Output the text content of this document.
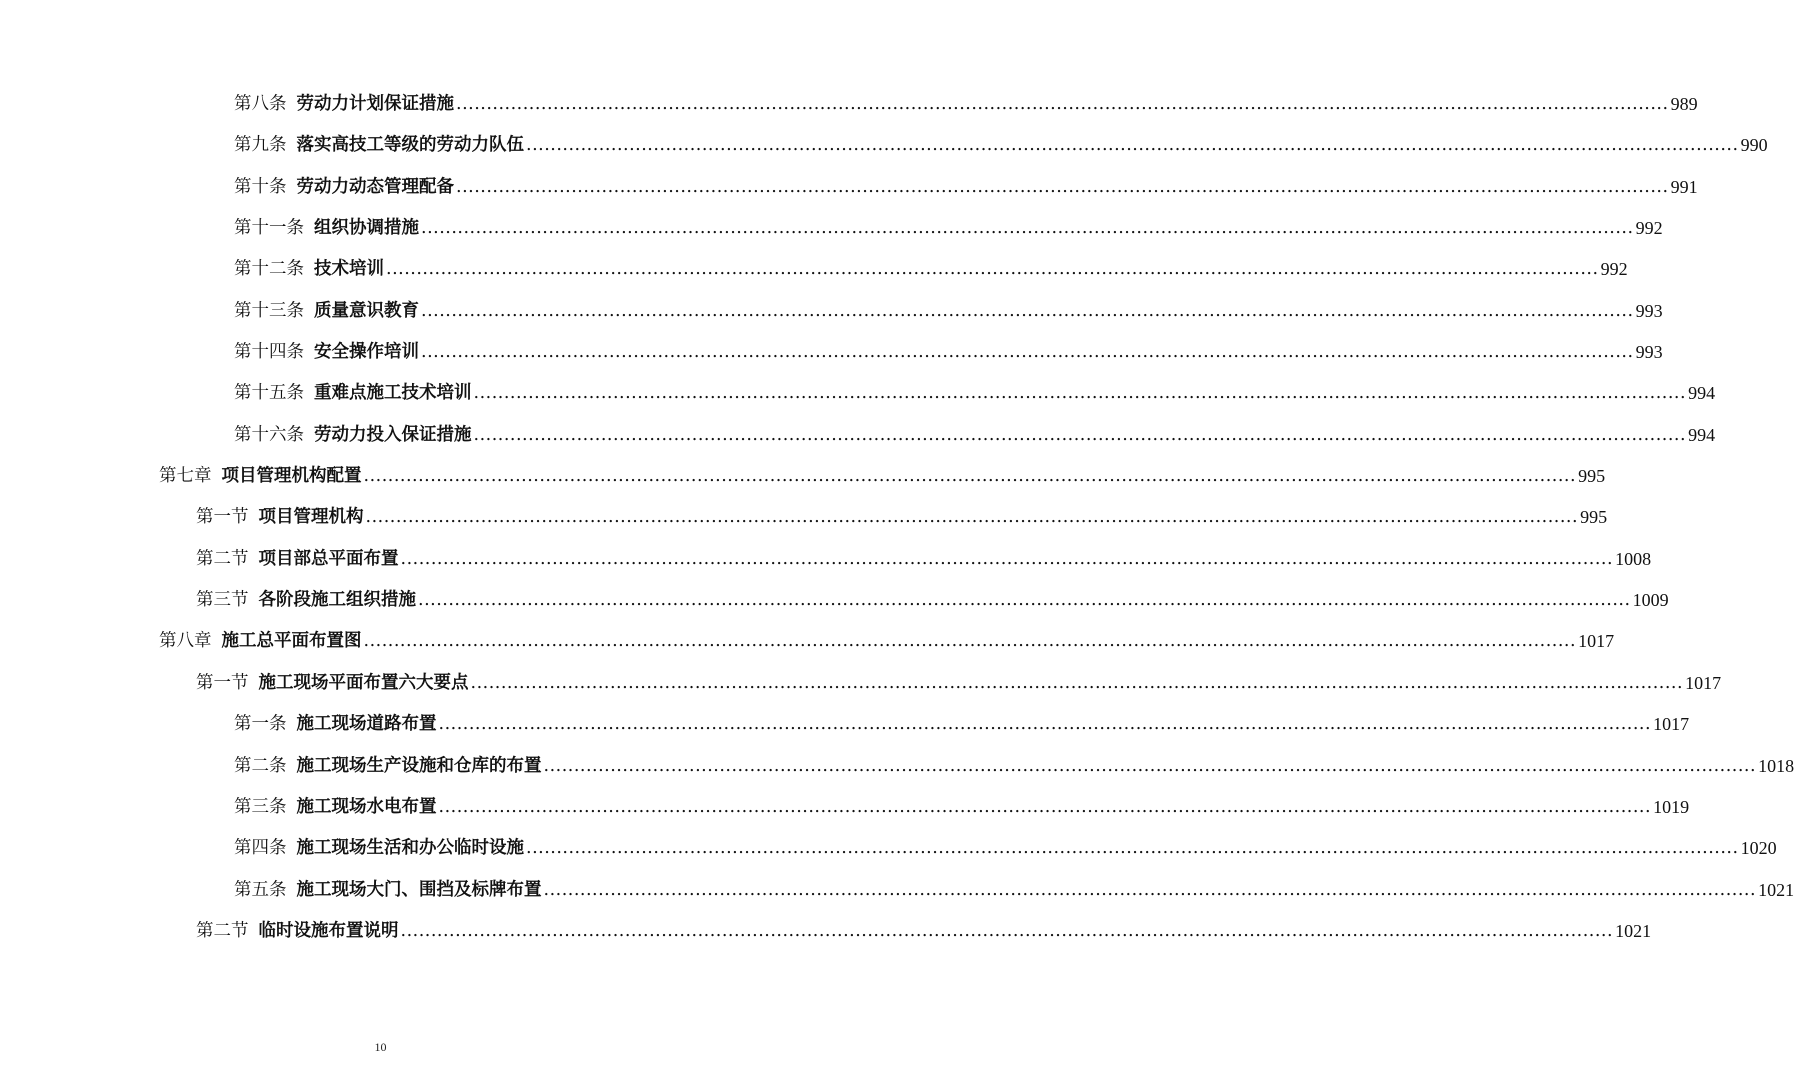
第八条 劳动力计划保证措施 ........................................................................................................................................................................................................ 989
第九条 落实高技工等级的劳动力队伍 ........................................................................................................................................................................................................ 990
第十条 劳动力动态管理配备 ........................................................................................................................................................................................................ 991
第十一条 组织协调措施 ........................................................................................................................................................................................................ 992
第十二条 技术培训 ........................................................................................................................................................................................................ 992
第十三条 质量意识教育 ........................................................................................................................................................................................................ 993
第十四条 安全操作培训 ........................................................................................................................................................................................................ 993
第十五条 重难点施工技术培训 ........................................................................................................................................................................................................ 994
第十六条 劳动力投入保证措施 ........................................................................................................................................................................................................ 994
第七章 项目管理机构配置 ........................................................................................................................................................................................................ 995
第一节 项目管理机构 ........................................................................................................................................................................................................ 995
第二节 项目部总平面布置 ........................................................................................................................................................................................................ 1008
第三节 各阶段施工组织措施 ........................................................................................................................................................................................................ 1009
第八章 施工总平面布置图 ........................................................................................................................................................................................................ 1017
第一节 施工现场平面布置六大要点 ........................................................................................................................................................................................................ 1017
第一条 施工现场道路布置 ........................................................................................................................................................................................................ 1017
第二条 施工现场生产设施和仓库的布置 ........................................................................................................................................................................................................ 1018
第三条 施工现场水电布置 ........................................................................................................................................................................................................ 1019
第四条 施工现场生活和办公临时设施 ........................................................................................................................................................................................................ 1020
第五条 施工现场大门、围挡及标牌布置 ........................................................................................................................................................................................................ 1021
第二节 临时设施布置说明 ........................................................................................................................................................................................................ 1021
10
